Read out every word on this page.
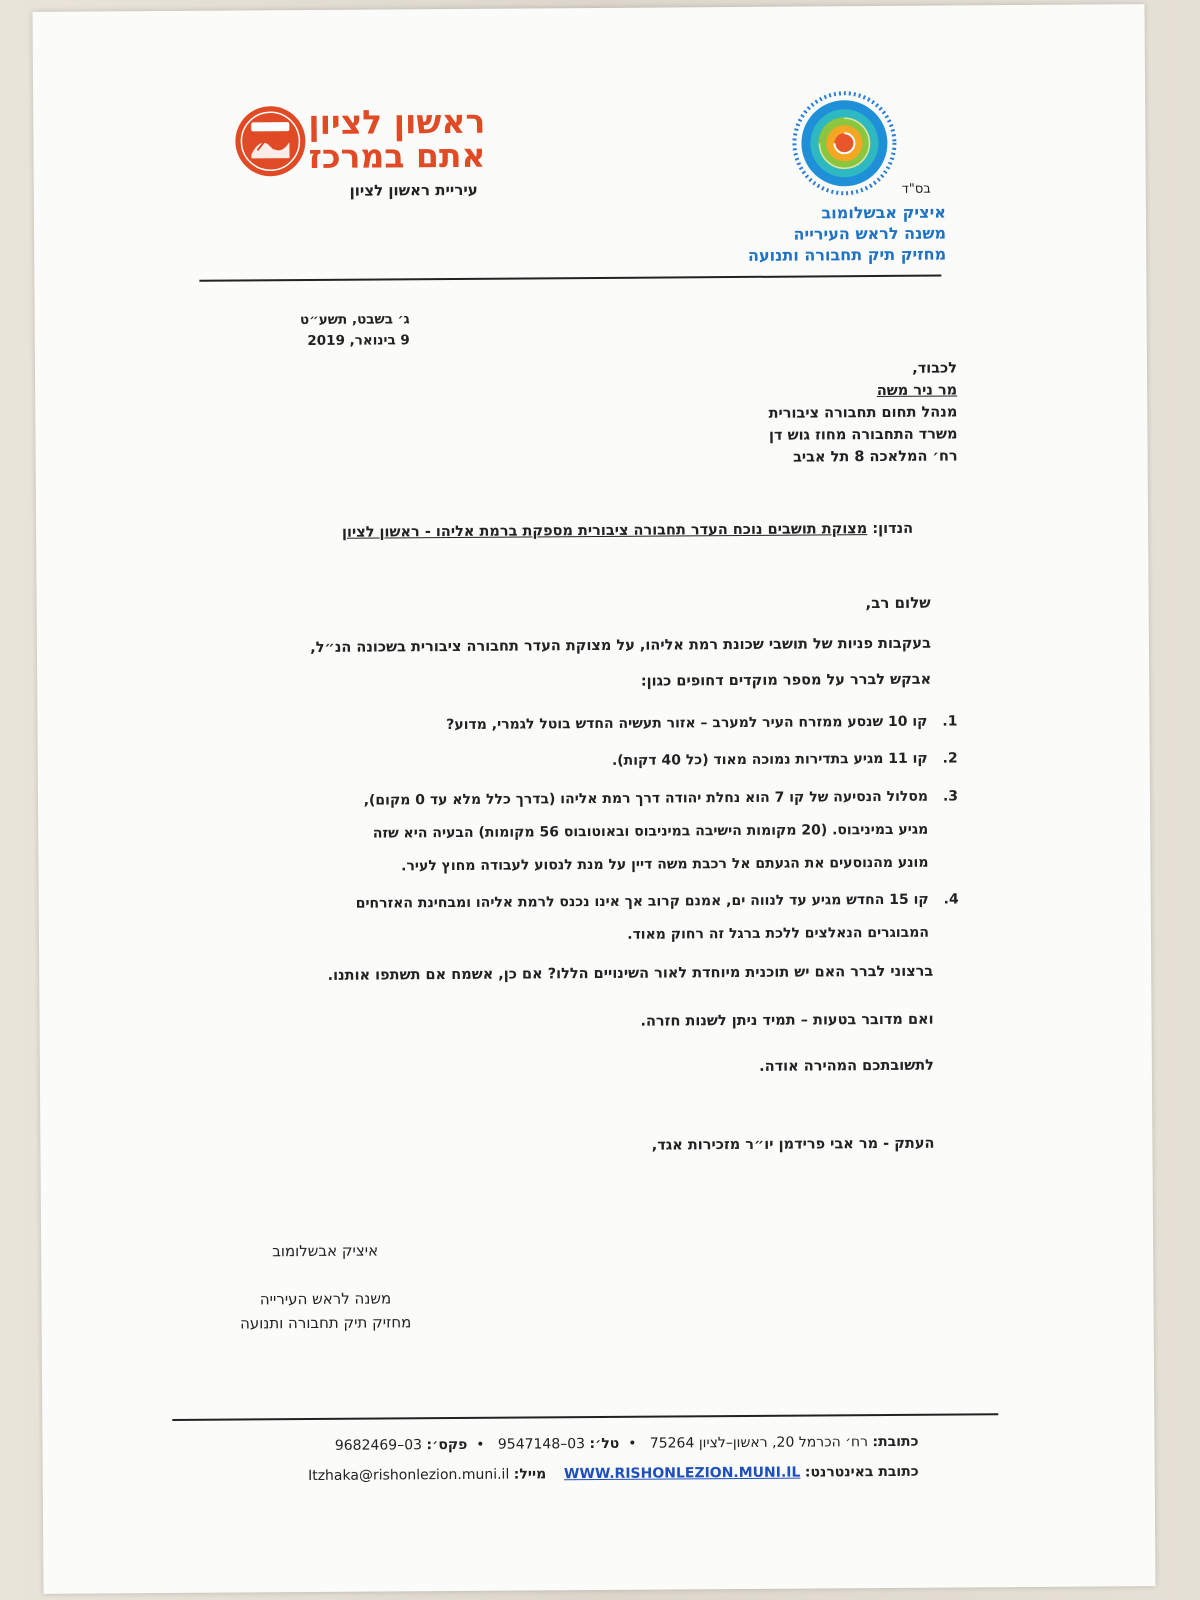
ראשון לציון
אתם במרכז
עיריית ראשון לציון	בס"ד
איציק אבשלומוב
משנה לראש העירייה
מחזיק תיק תחבורה ותנועה
ג׳ בשבט, תשע״ט
9 בינואר, 2019
לכבוד,
מר ניר משה
מנהל תחום תחבורה ציבורית
משרד התחבורה מחוז גוש דן
רח׳ המלאכה 8 תל אביב
הנדון: מצוקת תושבים נוכח העדר תחבורה ציבורית מספקת ברמת אליהו - ראשון לציון
שלום רב,
בעקבות פניות של תושבי שכונת רמת אליהו, על מצוקת העדר תחבורה ציבורית בשכונה הנ״ל,
אבקש לברר על מספר מוקדים דחופים כגון:
1.
קו 10 שנסע ממזרח העיר למערב – אזור תעשיה החדש בוטל לגמרי, מדוע?
2.
קו 11 מגיע בתדירות נמוכה מאוד (כל 40 דקות).
3.
מסלול הנסיעה של קו 7 הוא נחלת יהודה דרך רמת אליהו (בדרך כלל מלא עד 0 מקום),
מגיע במיניבוס. (20 מקומות הישיבה במיניבוס ובאוטובוס 56 מקומות) הבעיה היא שזה
מונע מהנוסעים את הגעתם אל רכבת משה דיין על מנת לנסוע לעבודה מחוץ לעיר.
4.
קו 15 החדש מגיע עד לנווה ים, אמנם קרוב אך אינו נכנס לרמת אליהו ומבחינת האזרחים
המבוגרים הנאלצים ללכת ברגל זה רחוק מאוד.
ברצוני לברר האם יש תוכנית מיוחדת לאור השינויים הללו? אם כן, אשמח אם תשתפו אותנו.
ואם מדובר בטעות – תמיד ניתן לשנות חזרה.
לתשובתכם המהירה אודה.
העתק - מר אבי פרידמן יו״ר מזכירות אגד,
איציק אבשלומוב
משנה לראש העירייה
מחזיק תיק תחבורה ותנועה
כתובת: רח׳ הכרמל 20, ראשון–לציון 75264   •  טל׳: 03–9547148   •  פקס׳: 03–9682469
כתובת באינטרנט: WWW.RISHONLEZION.MUNI.IL    מייל: Itzhaka@rishonlezion.muni.il
